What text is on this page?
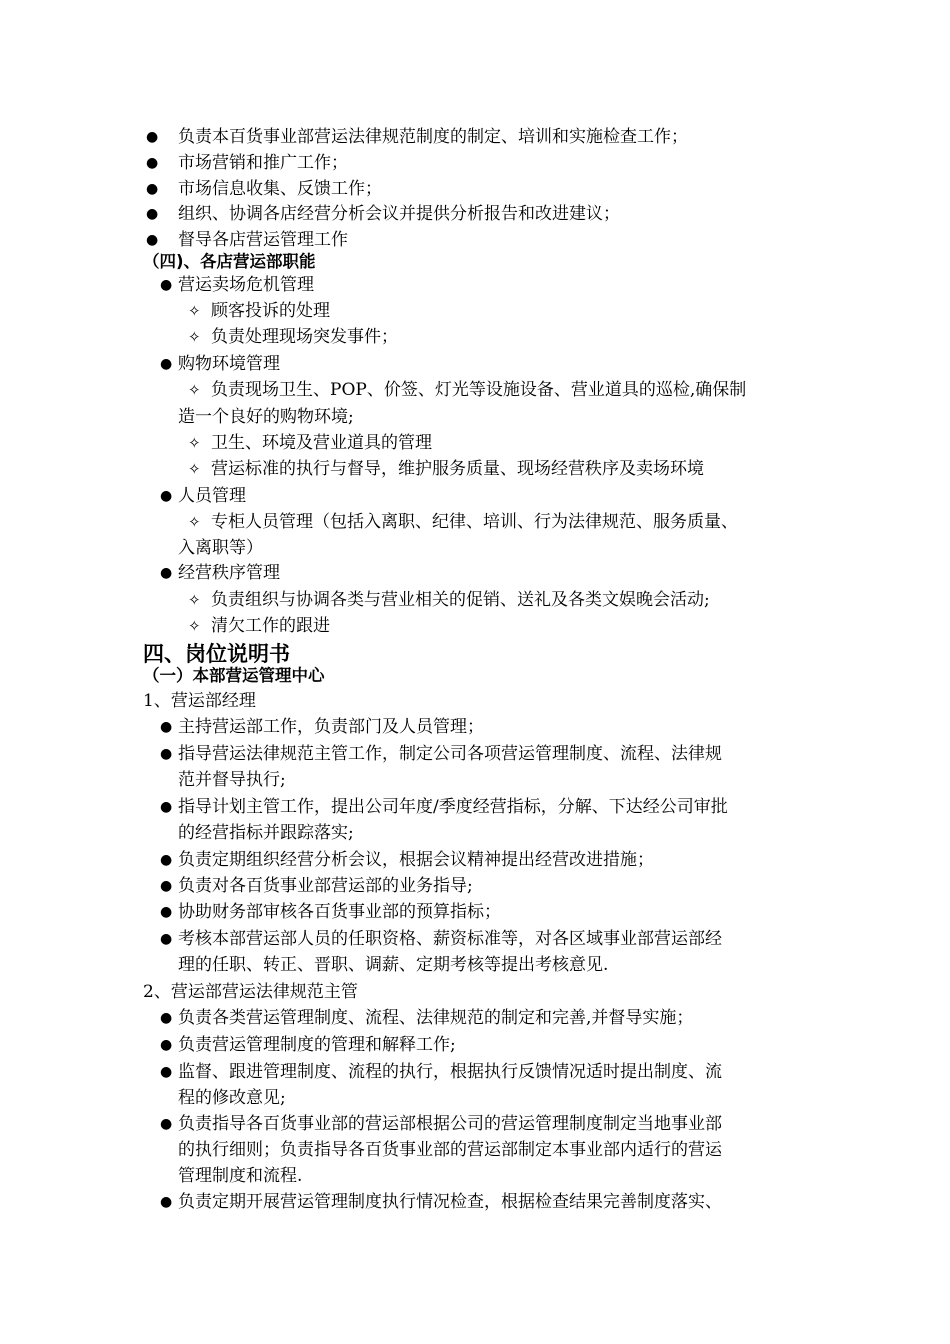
● 负责本百货事业部营运法律规范制度的制定、培训和实施检查工作；
● 市场营销和推广工作；
● 市场信息收集、反馈工作；
● 组织、协调各店经营分析会议并提供分析报告和改进建议；
● 督导各店营运管理工作
（四)、各店营运部职能
● 营运卖场危机管理
✧ 顾客投诉的处理
✧ 负责处理现场突发事件；
● 购物环境管理
✧ 负责现场卫生、POP、价签、灯光等设施设备、营业道具的巡检,确保制
造一个良好的购物环境;
✧ 卫生、环境及营业道具的管理
✧ 营运标准的执行与督导，维护服务质量、现场经营秩序及卖场环境
● 人员管理
✧ 专柜人员管理（包括入离职、纪律、培训、行为法律规范、服务质量、
入离职等）
● 经营秩序管理
✧ 负责组织与协调各类与营业相关的促销、送礼及各类文娱晚会活动;
✧ 清欠工作的跟进
四、岗位说明书
（一）本部营运管理中心
1、营运部经理
● 主持营运部工作，负责部门及人员管理；
● 指导营运法律规范主管工作，制定公司各项营运管理制度、流程、法律规
范并督导执行;
● 指导计划主管工作，提出公司年度/季度经营指标，分解、下达经公司审批
的经营指标并跟踪落实;
● 负责定期组织经营分析会议，根据会议精神提出经营改进措施；
● 负责对各百货事业部营运部的业务指导;
● 协助财务部审核各百货事业部的预算指标；
● 考核本部营运部人员的任职资格、薪资标准等，对各区域事业部营运部经
理的任职、转正、晋职、调薪、定期考核等提出考核意见.
2、营运部营运法律规范主管
● 负责各类营运管理制度、流程、法律规范的制定和完善,并督导实施；
● 负责营运管理制度的管理和解释工作;
● 监督、跟进管理制度、流程的执行，根据执行反馈情况适时提出制度、流
程的修改意见;
● 负责指导各百货事业部的营运部根据公司的营运管理制度制定当地事业部
的执行细则；负责指导各百货事业部的营运部制定本事业部内适行的营运
管理制度和流程.
● 负责定期开展营运管理制度执行情况检查，根据检查结果完善制度落实、
